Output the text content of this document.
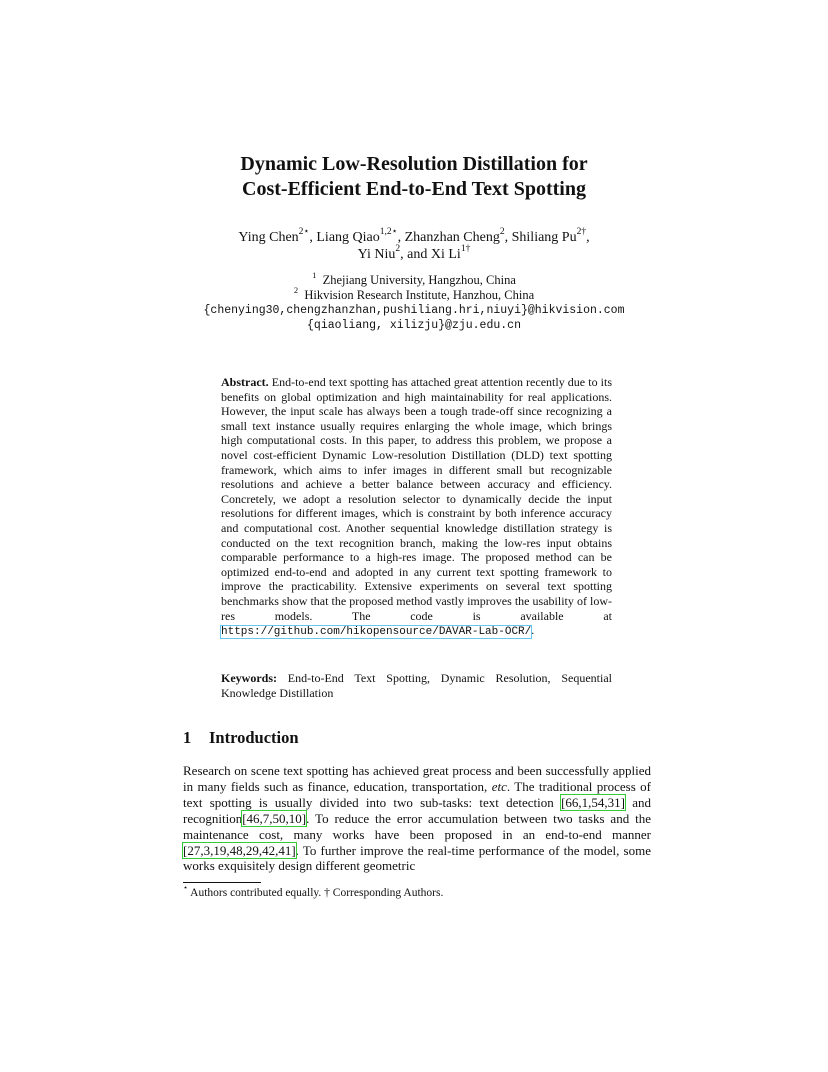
Dynamic Low-Resolution Distillation for
Cost-Efficient End-to-End Text Spotting
Ying Chen$^{2⋆}$, Liang Qiao$^{1,2⋆}$, Zhanzhan Cheng$^2$, Shiliang $Pu^{2\dagger}$,
Yi Niu$^2$, and Xi $Li^{1\dagger}$
$^1$ Zhejiang University, Hangzhou, China
$^2$ Hikvision Research Institute, Hanzhou, China
{chenying30,chengzhanzhan,pushiliang.hri,niuyi}@hikvision.com
{qiaoliang, xilizju}@zju.edu.cn
Abstract. End-to-end text spotting has attached great attention recently due to its benefits on global optimization and high maintainability for real applications. However, the input scale has always been a tough trade-off since recognizing a small text instance usually requires enlarging the whole image, which brings high computational costs. In this paper, to address this problem, we propose a novel cost-efficient Dynamic Low-resolution Distillation (DLD) text spotting framework, which aims to infer images in different small but recognizable resolutions and achieve a better balance between accuracy and efficiency. Concretely, we adopt a resolution selector to dynamically decide the input resolutions for different images, which is constraint by both inference accuracy and computational cost. Another sequential knowledge distillation strategy is conducted on the text recognition branch, making the low-res input obtains comparable performance to a high-res image. The proposed method can be optimized end-to-end and adopted in any current text spotting framework to improve the practicability. Extensive experiments on several text spotting benchmarks show that the proposed method vastly improves the usability of low-res models. The code is available at https://github.com/hikopensource/DAVAR-Lab-OCR/.
Keywords: End-to-End Text Spotting, Dynamic Resolution, Sequential Knowledge Distillation
1 Introduction
Research on scene text spotting has achieved great process and been successfully applied in many fields such as finance, education, transportation, etc. The traditional process of text spotting is usually divided into two sub-tasks: text detection [66,1,54,31] and recognition[46,7,50,10]. To reduce the error accumulation between two tasks and the maintenance cost, many works have been proposed in an end-to-end manner [27,3,19,48,29,42,41]. To further improve the real-time performance of the model, some works exquisitely design different geometric
⋆ Authors contributed equally. † Corresponding Authors.
